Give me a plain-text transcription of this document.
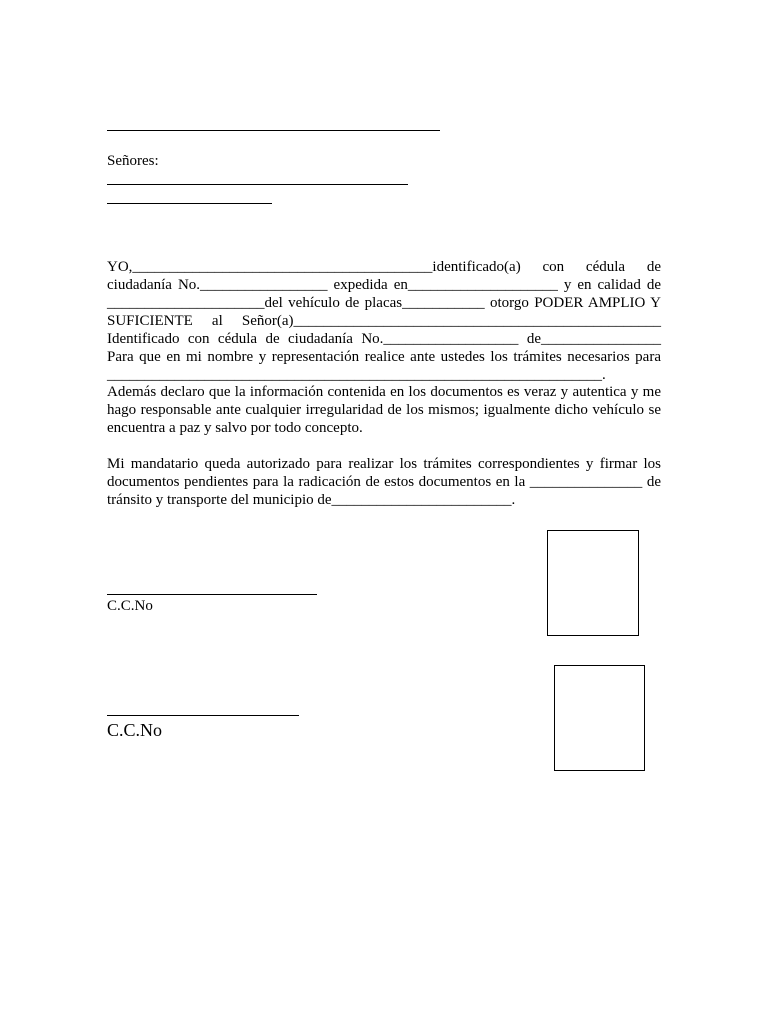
Señores:
YO,________________________________________identificado(a) con cédula de
ciudadanía No._________________ expedida en____________________ y en calidad de
_____________________del vehículo de placas___________ otorgo PODER AMPLIO Y
SUFICIENTE al Señor(a)_________________________________________________
Identificado con cédula de ciudadanía No.__________________ de________________
Para que en mi nombre y representación realice ante ustedes los trámites necesarios para
__________________________________________________________________.
Además declaro que la información contenida en los documentos es veraz y autentica y me
hago responsable ante cualquier irregularidad de los mismos; igualmente dicho vehículo se
encuentra a paz y salvo por todo concepto.
Mi mandatario queda autorizado para realizar los trámites correspondientes y firmar los
documentos pendientes para la radicación de estos documentos en la _______________ de
tránsito y transporte del municipio de________________________.
C.C.No
C.C.No
